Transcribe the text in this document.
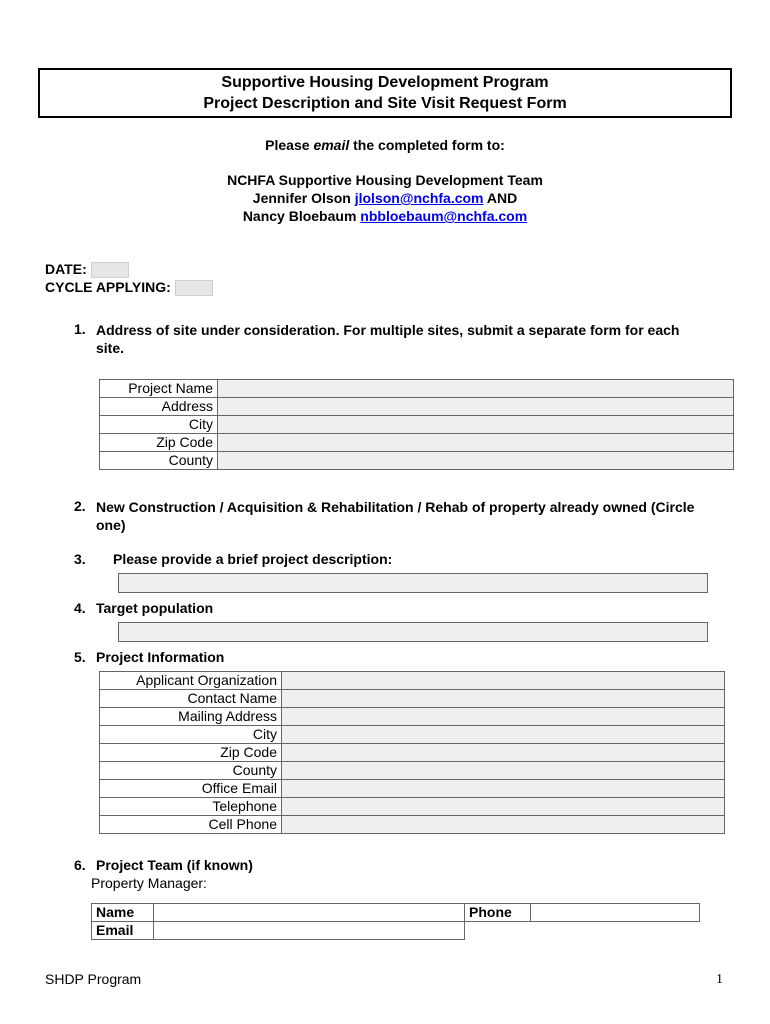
Supportive Housing Development Program
Project Description and Site Visit Request Form
Please email the completed form to:
NCHFA Supportive Housing Development Team
Jennifer Olson jlolson@nchfa.com AND
Nancy Bloebaum nbbloebaum@nchfa.com
DATE:
CYCLE APPLYING:
1. Address of site under consideration. For multiple sites, submit a separate form for each site.
Project Name	
Address	
City	
Zip Code	
County	
2. New Construction / Acquisition & Rehabilitation / Rehab of property already owned (Circle one)
3. Please provide a brief project description:
4. Target population
5. Project Information
Applicant Organization	
Contact Name	
Mailing Address	
City	
Zip Code	
County	
Office Email	
Telephone	
Cell Phone	
6. Project Team (if known)
Property Manager:
Name		Phone	
Email			
SHDP Program	1
